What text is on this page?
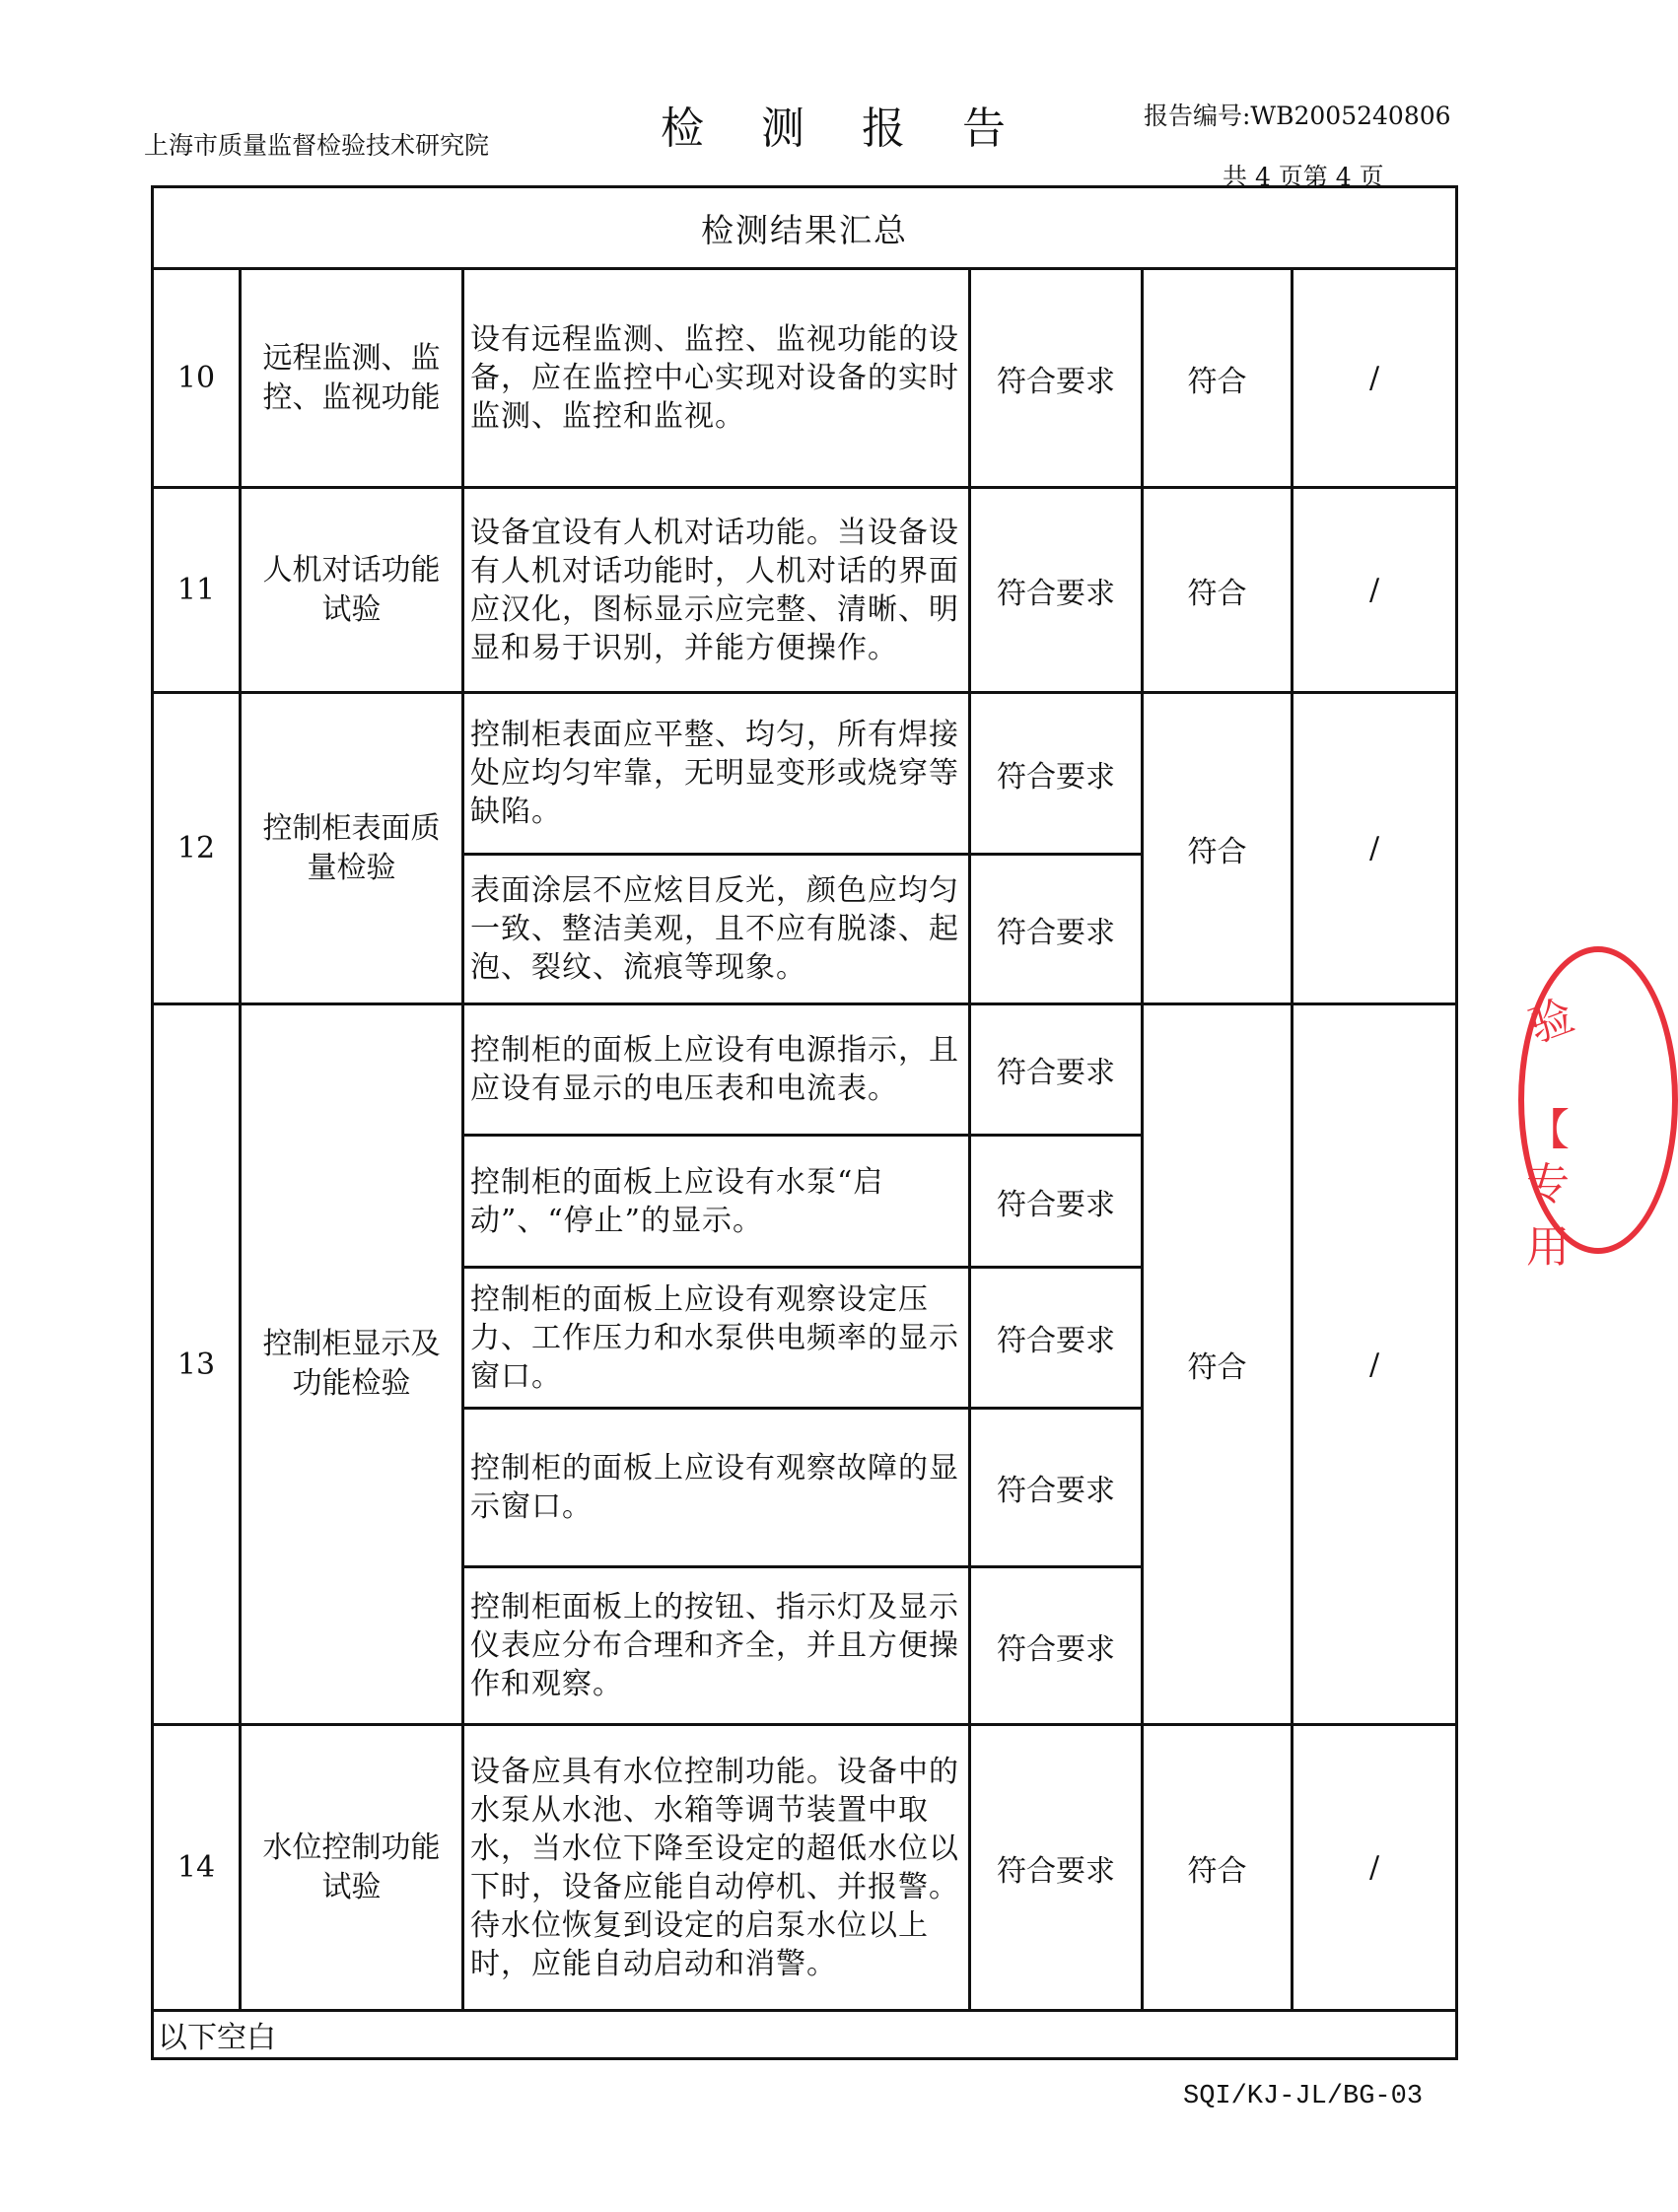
上海市质量监督检验技术研究院	检 测 报 告	报告编号:WB2005240806
共 4 页第 4 页
检测结果汇总					
10	远程监测、监控、监视功能	设有远程监测、监控、监视功能的设备，应在监控中心实现对设备的实时监测、监控和监视。	符合要求	符合	/
11	人机对话功能试验	设备宜设有人机对话功能。当设备设有人机对话功能时，人机对话的界面应汉化，图标显示应完整、清晰、明显和易于识别，并能方便操作。	符合要求	符合	/
12	控制柜表面质量检验	控制柜表面应平整、均匀，所有焊接处应均匀牢靠，无明显变形或烧穿等缺陷。	符合要求	符合	/
		表面涂层不应炫目反光，颜色应均匀一致、整洁美观，且不应有脱漆、起泡、裂纹、流痕等现象。	符合要求		
13	控制柜显示及功能检验	控制柜的面板上应设有电源指示，且应设有显示的电压表和电流表。	符合要求	符合	/
		控制柜的面板上应设有水泵“启动”、“停止”的显示。	符合要求		
		控制柜的面板上应设有观察设定压力、工作压力和水泵供电频率的显示窗口。	符合要求		
		控制柜的面板上应设有观察故障的显示窗口。	符合要求		
		控制柜面板上的按钮、指示灯及显示仪表应分布合理和齐全，并且方便操作和观察。	符合要求		
14	水位控制功能试验	设备应具有水位控制功能。设备中的水泵从水池、水箱等调节装置中取水，当水位下降至设定的超低水位以下时，设备应能自动停机、并报警。待水位恢复到设定的启泵水位以上时，应能自动启动和消警。	符合要求	符合	/
以下空白					
验
【
专用
SQI/KJ-JL/BG-03
